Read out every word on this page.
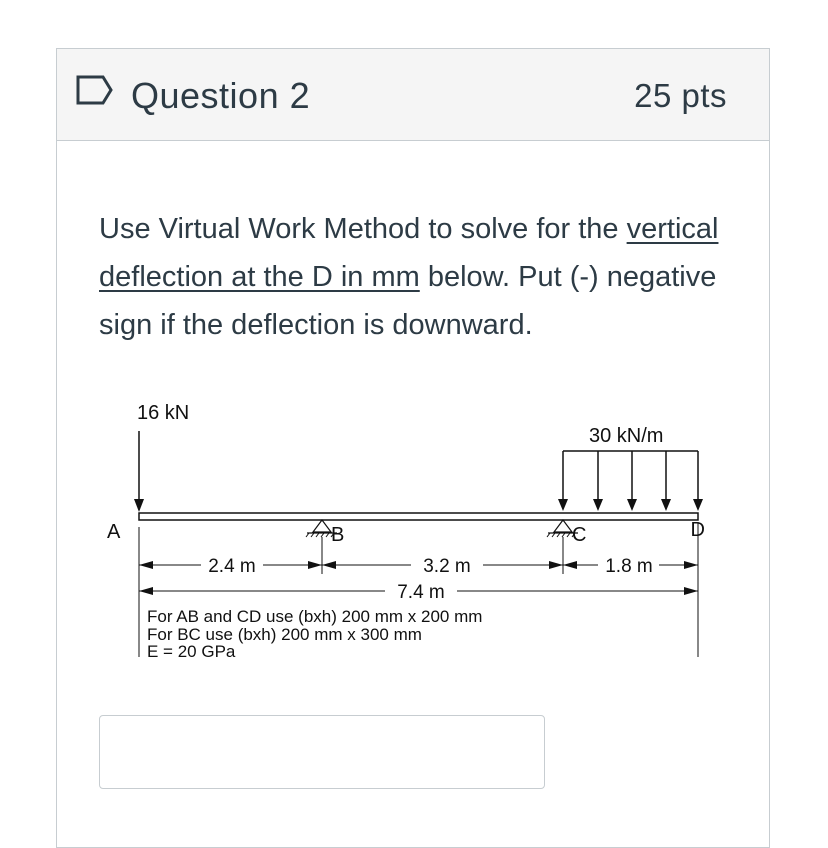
Question 2	25 pts
Use Virtual Work Method to solve for the vertical deflection at the D in mm below. Put (-) negative sign if the deflection is downward.
16 kN
30 kN/m
A	B	C	D
2.4 m	3.2 m	1.8 m
7.4 m
For AB and CD use (bxh) 200 mm x 200 mm
For BC use (bxh) 200 mm x 300 mm
E = 20 GPa
